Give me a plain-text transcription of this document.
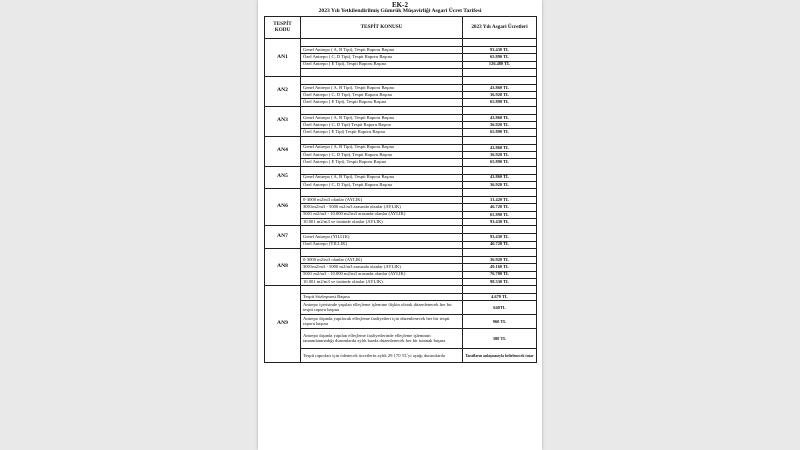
EK-2
2023 Yılı Yetkilendirilmiş Gümrük Müşavirliği Asgari Ücret Tarifesi
TESPİT KODU	TESPİT KONUSU	2023 Yılı Asgari Ücretleri
AN1		
	Genel Antrepo ( A, B Tipi), Tespit Raporu Başına	93.430 TL
	Özel Antrepo ( C, D Tipi), Tespit Raporu Başına	65.890 TL
	Özel Antrepo ( E Tipi), Tespit Raporu Başına	126.480 TL

AN2		
	Genel Antrepo ( A, B Tipi), Tespit Raporu Başına	43.860 TL
	Özel Antrepo ( C, D Tipi), Tespit Raporu Başına	36.920 TL
	Özel Antrepo ( E Tipi), Tespit Raporu Başına	65.890 TL
AN3		
	Genel Antrepo ( A, B Tipi), Tespit Raporu Başına	43.860 TL
	Özel Antrepo ( C, D Tipi) Tespit Raporu Başına	36.920 TL
	Özel Antrepo ( E Tipi) Tespit Raporu Başına	65.890 TL
AN4		
	Genel Antrepo ( A, B Tipi), Tespit Raporu Başına	43.860 TL
	Özel Antrepo ( C, D Tipi), Tespit Raporu Başına	36.920 TL
	Özel Antrepo ( E Tipi), Tespit Raporu Başına	65.890 TL
AN5		
	Genel Antrepo ( A, B Tipi), Tespit Raporu Başına	43.860 TL
	Özel Antrepo ( C, D Tipi), Tespit Raporu Başına	36.920 TL
AN6		
	0-3000 m2/m3 olanlar (AYLIK)	31.420 TL
	3001m2/m3 - 5000 m2/m3 arasında olanlar (AYLIK)	46.720 TL
	5001 m2/m3 - 10.000 m2/m3 arasında olanlar (AYLIK)	65.890 TL
	10.001 m2/m3 ve üstünde olanlar (AYLIK)	93.430 TL
AN7		
	Genel Antrepo (YILLIK)	93.430 TL
	Özel Antrepo (YILLIK)	46.720 TL
AN8		
	0-3000 m2/m3 olanlar (AYLIK)	36.920 TL
	3001m2/m3 - 5000 m2/m3 arasında olanlar (AYLIK)	49.160 TL
	5001 m2/m3 - 10.000 m2/m3 arasında olanlar (AYLIK)	76.700 TL
	10.001 m2/m3 ve üstünde olanlar (AYLIK)	98.330 TL
AN9		
	Tespit Sözleşmesi Başına	4.670 TL
	Antrepo içerisinde yapılan elleçleme işlemine ilişkin olarak düzenlenecek her bir tespit raporu başına	640TL
	Antrepo dışında yapılacak elleçleme faaliyetleri için düzenlenecek her bir tespit raporu başına	960 TL
	Antrepo dışında yapılan elleçleme faaliyetlerinde elleçleme işleminin tamamlanmadığı durumlarda aylık bazda düzenlenecek her bir tutanak başına	380 TL
	Tespit raporları için ödenecek ücretlerin aylık 29.170 TL'yi aştığı durumlarda	Tarafların anlaşmasıyla belirlenecek tutar
